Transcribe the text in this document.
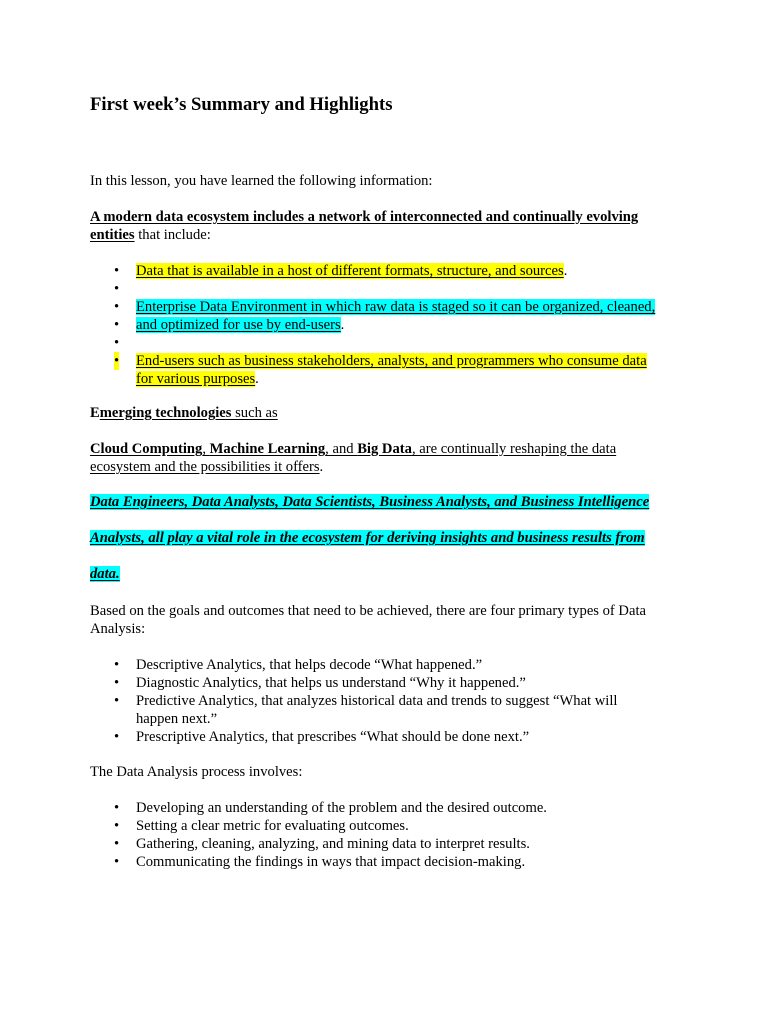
First week’s Summary and Highlights
In this lesson, you have learned the following information:
A modern data ecosystem includes a network of interconnected and continually evolving
entities that include:
• Data that is available in a host of different formats, structure, and sources.
•
• Enterprise Data Environment in which raw data is staged so it can be organized, cleaned,
• and optimized for use by end-users.
•
• End-users such as business stakeholders, analysts, and programmers who consume data
for various purposes.
Emerging technologies such as
Cloud Computing, Machine Learning, and Big Data, are continually reshaping the data
ecosystem and the possibilities it offers.
Data Engineers, Data Analysts, Data Scientists, Business Analysts, and Business Intelligence
Analysts, all play a vital role in the ecosystem for deriving insights and business results from
data.
Based on the goals and outcomes that need to be achieved, there are four primary types of Data
Analysis:
• Descriptive Analytics, that helps decode “What happened.”
• Diagnostic Analytics, that helps us understand “Why it happened.”
• Predictive Analytics, that analyzes historical data and trends to suggest “What will
happen next.”
• Prescriptive Analytics, that prescribes “What should be done next.”
The Data Analysis process involves:
• Developing an understanding of the problem and the desired outcome.
• Setting a clear metric for evaluating outcomes.
• Gathering, cleaning, analyzing, and mining data to interpret results.
• Communicating the findings in ways that impact decision-making.
